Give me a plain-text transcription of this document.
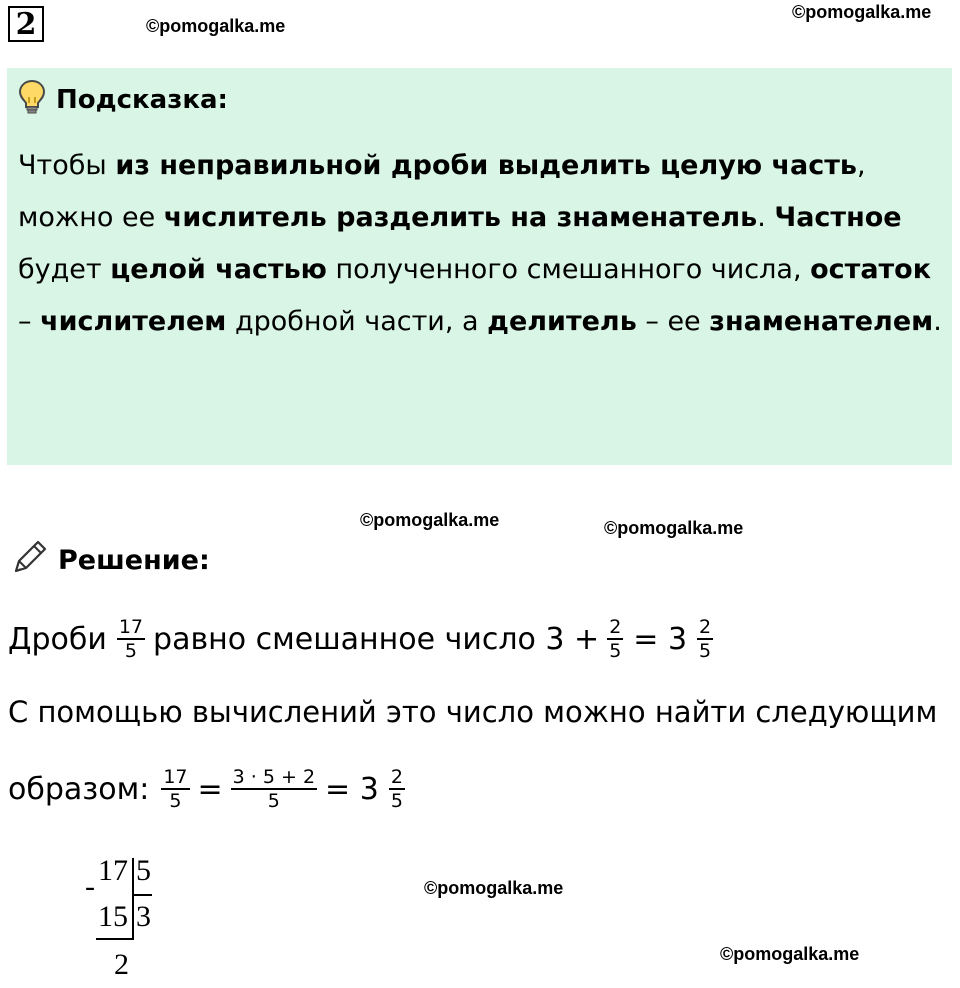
2	©pomogalka.me
©pomogalka.me
©pomogalka.me	©pomogalka.me
©pomogalka.me
©pomogalka.me
Подсказка:
Чтобы из неправильной дроби выделить целую часть, можно ее числитель разделить на знаменатель. Частное будет целой частью полученного смешанного числа, остаток – числителем дробной части, а делитель – ее знаменателем.
Решение:
Дроби $\frac{17}{5}$ равно смешанное число $3 + \frac{2}{5} = 3 \frac{2}{5}$
С помощью вычислений это число можно найти следующим
образом: $\frac{17}{5} = \frac{3 \cdot 5 + 2}{5} = 3 \frac{2}{5}$
- 17 5
15 3
2
